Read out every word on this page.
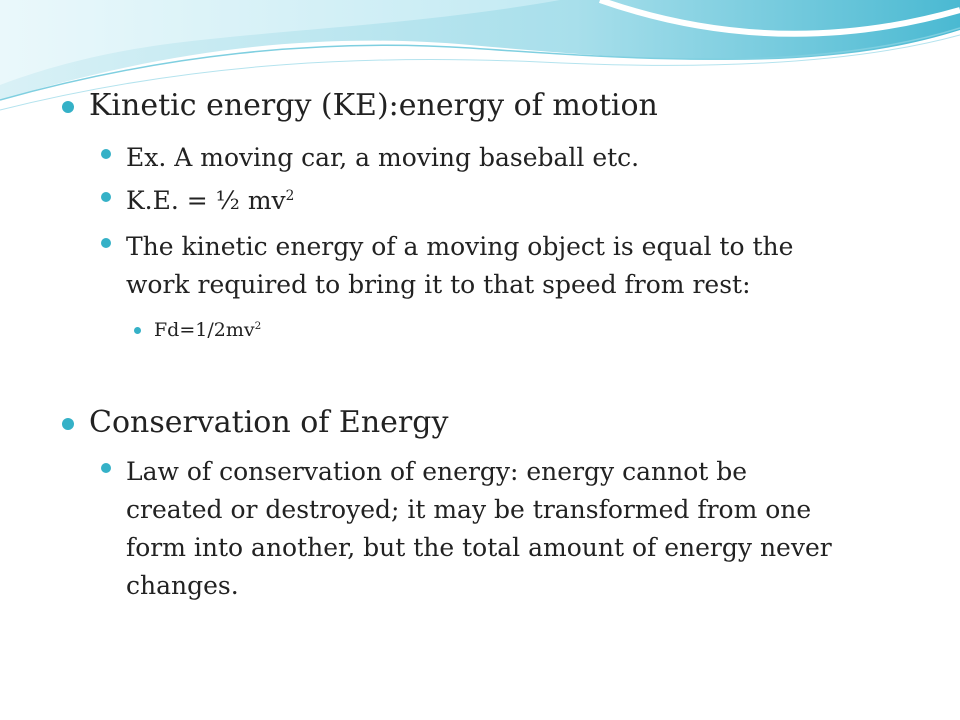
Kinetic energy (KE):energy of motion
Ex. A moving car, a moving baseball etc.
K.E. = ½ $mv^2$
The kinetic energy of a moving object is equal to the
work required to bring it to that speed from rest:
$Fd=1/2mv^2$
Conservation of Energy
Law of conservation of energy: energy cannot be
created or destroyed; it may be transformed from one
form into another, but the total amount of energy never
changes.
